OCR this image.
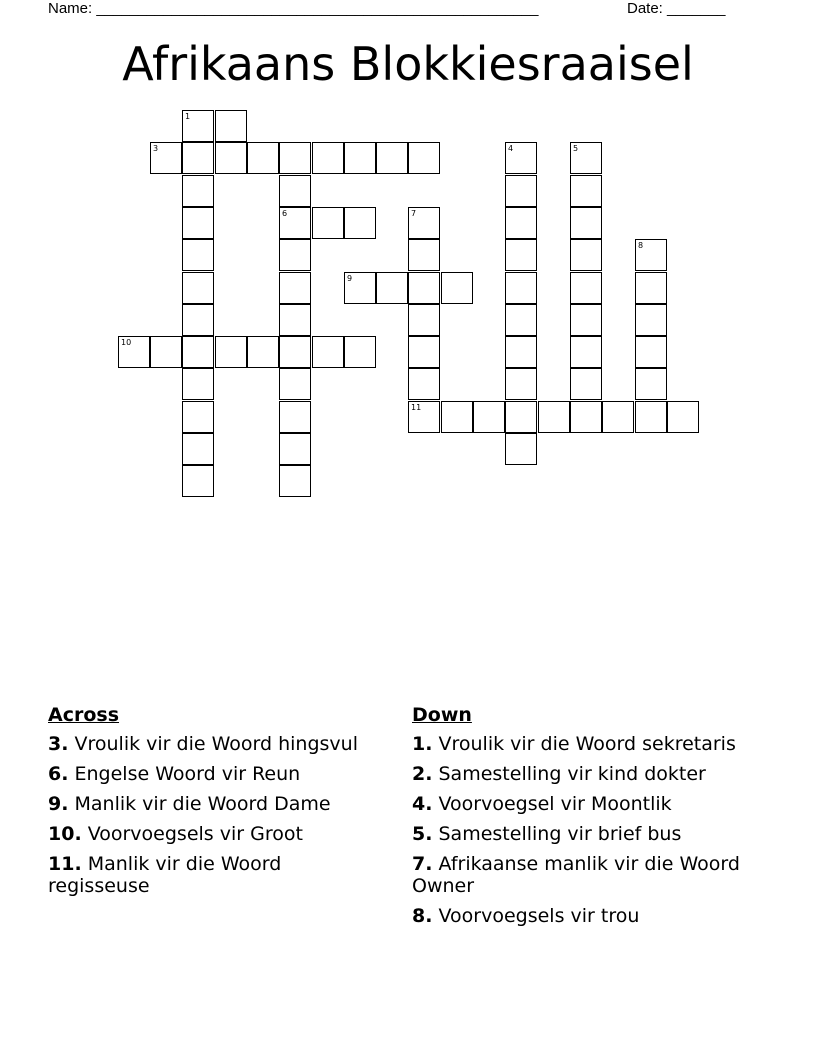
Name: _____________________________________________________	Date: _______
Afrikaans Blokkiesraaisel
1
3	4	5
6	7
8
9
10
11
Across
3. Vroulik vir die Woord hingsvul
6. Engelse Woord vir Reun
9. Manlik vir die Woord Dame
10. Voorvoegsels vir Groot
11. Manlik vir die Woord regisseuse
Down
1. Vroulik vir die Woord sekretaris
2. Samestelling vir kind dokter
4. Voorvoegsel vir Moontlik
5. Samestelling vir brief bus
7. Afrikaanse manlik vir die Woord Owner
8. Voorvoegsels vir trou
